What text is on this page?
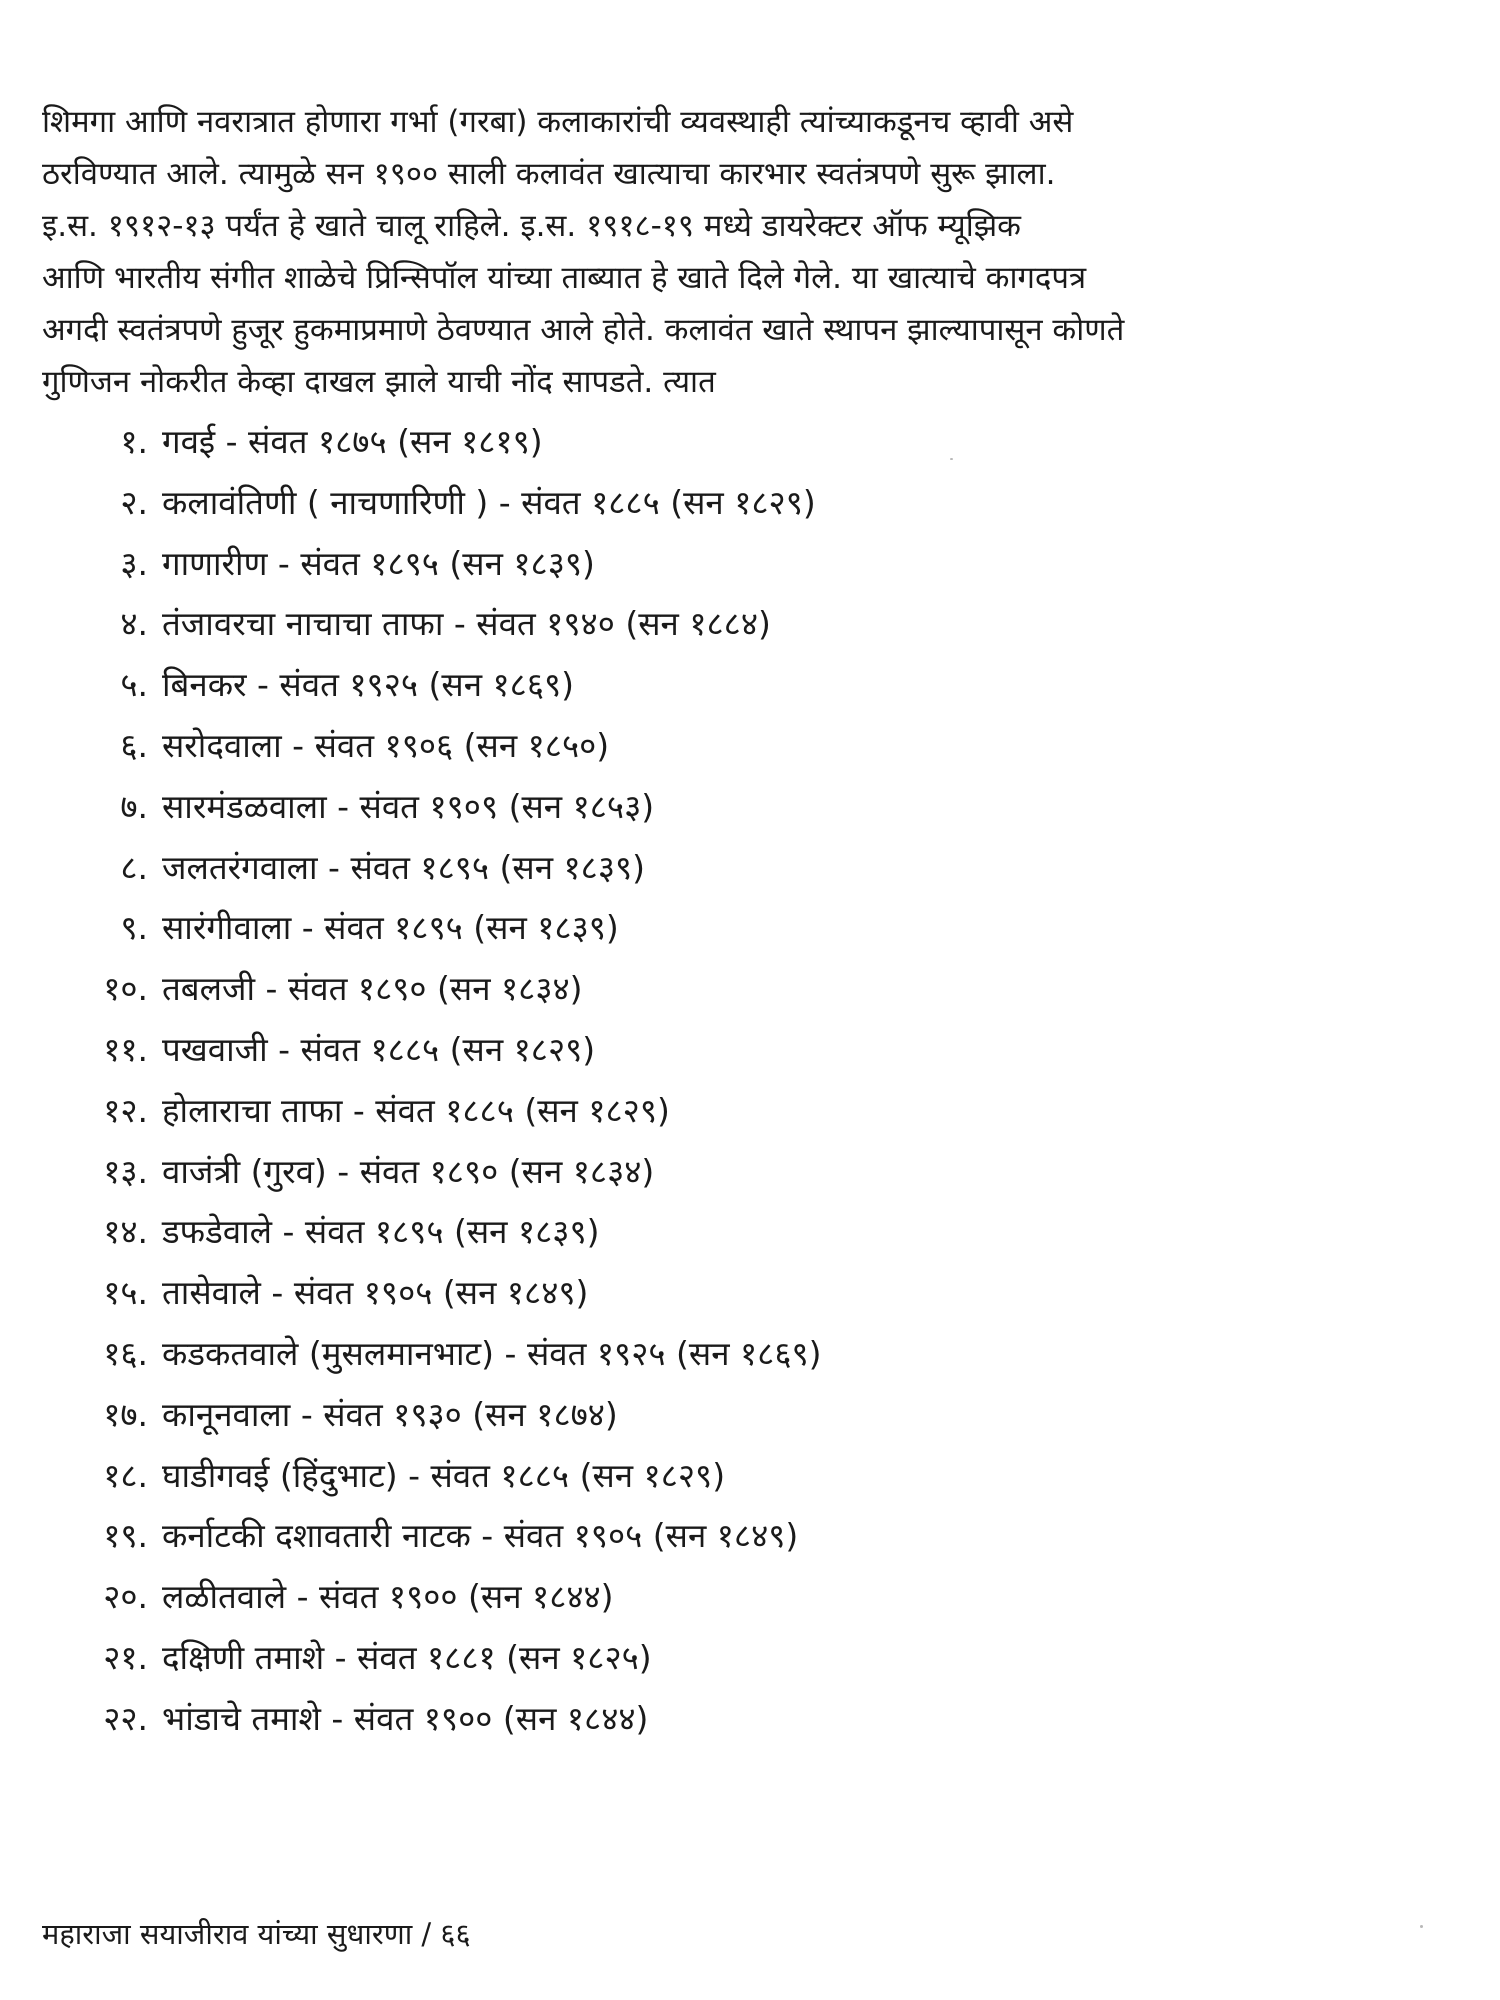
शिमगा आणि नवरात्रात होणारा गर्भा (गरबा) कलाकारांची व्यवस्थाही त्यांच्याकडूनच व्हावी असे
ठरविण्यात आले. त्यामुळे सन १९०० साली कलावंत खात्याचा कारभार स्वतंत्रपणे सुरू झाला.
इ.स. १९१२-१३ पर्यंत हे खाते चालू राहिले. इ.स. १९१८-१९ मध्ये डायरेक्टर ऑफ म्यूझिक
आणि भारतीय संगीत शाळेचे प्रिन्सिपॉल यांच्या ताब्यात हे खाते दिले गेले. या खात्याचे कागदपत्र
अगदी स्वतंत्रपणे हुजूर हुकमाप्रमाणे ठेवण्यात आले होते. कलावंत खाते स्थापन झाल्यापासून कोणते
गुणिजन नोकरीत केव्हा दाखल झाले याची नोंद सापडते. त्यात

१. गवई - संवत १८७५ (सन १८१९)
२. कलावंतिणी ( नाचणारिणी ) - संवत १८८५ (सन १८२९)
३. गाणारीण - संवत १८९५ (सन १८३९)
४. तंजावरचा नाचाचा ताफा - संवत १९४० (सन १८८४)
५. बिनकर - संवत १९२५ (सन १८६९)
६. सरोदवाला - संवत १९०६ (सन १८५०)
७. सारमंडळवाला - संवत १९०९ (सन १८५३)
८. जलतरंगवाला - संवत १८९५ (सन १८३९)
९. सारंगीवाला - संवत १८९५ (सन १८३९)
१०. तबलजी - संवत १८९० (सन १८३४)
११. पखवाजी - संवत १८८५ (सन १८२९)
१२. होलाराचा ताफा - संवत १८८५ (सन १८२९)
१३. वाजंत्री (गुरव) - संवत १८९० (सन १८३४)
१४. डफडेवाले - संवत १८९५ (सन १८३९)
१५. तासेवाले - संवत १९०५ (सन १८४९)
१६. कडकतवाले (मुसलमानभाट) - संवत १९२५ (सन १८६९)
१७. कानूनवाला - संवत १९३० (सन १८७४)
१८. घाडीगवई (हिंदुभाट) - संवत १८८५ (सन १८२९)
१९. कर्नाटकी दशावतारी नाटक - संवत १९०५ (सन १८४९)
२०. लळीतवाले - संवत १९०० (सन १८४४)
२१. दक्षिणी तमाशे - संवत १८८१ (सन १८२५)
२२. भांडाचे तमाशे - संवत १९०० (सन १८४४)
महाराजा सयाजीराव यांच्या सुधारणा / ६६
